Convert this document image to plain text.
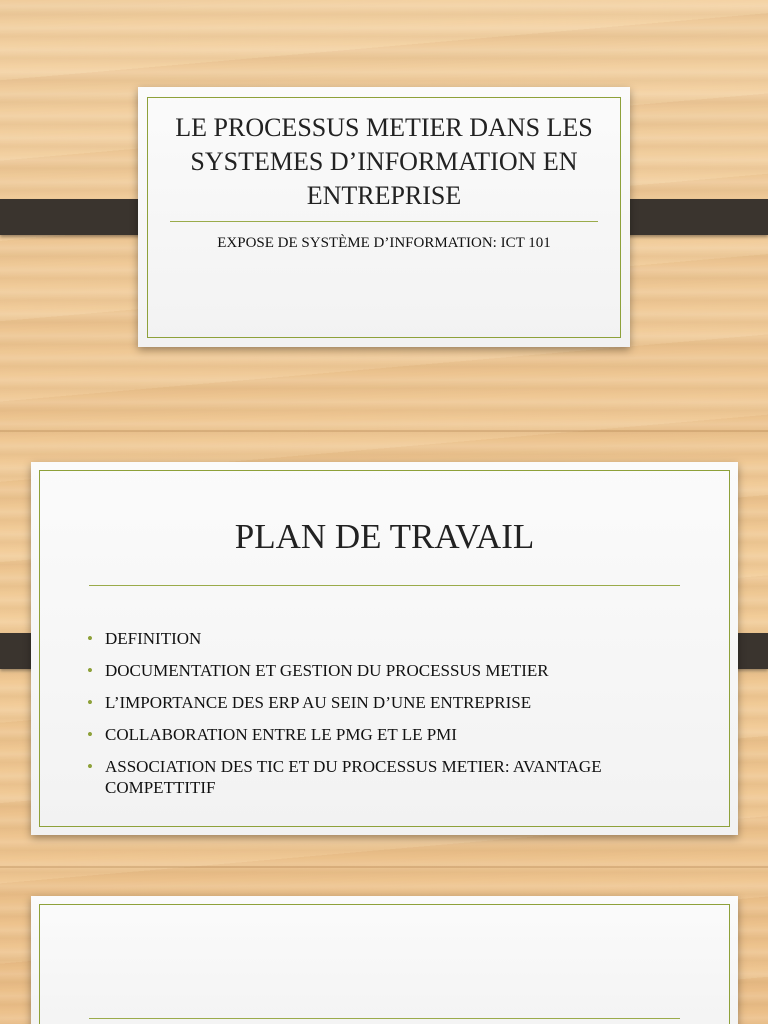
LE PROCESSUS METIER DANS LES SYSTEMES D’INFORMATION EN ENTREPRISE
EXPOSE DE SYSTÈME D’INFORMATION: ICT 101
PLAN DE TRAVAIL
• DEFINITION
• DOCUMENTATION ET GESTION DU PROCESSUS METIER
• L’IMPORTANCE DES ERP AU SEIN D’UNE ENTREPRISE
• COLLABORATION ENTRE LE PMG ET LE PMI
• ASSOCIATION DES TIC ET DU PROCESSUS METIER: AVANTAGE COMPETTITIF
